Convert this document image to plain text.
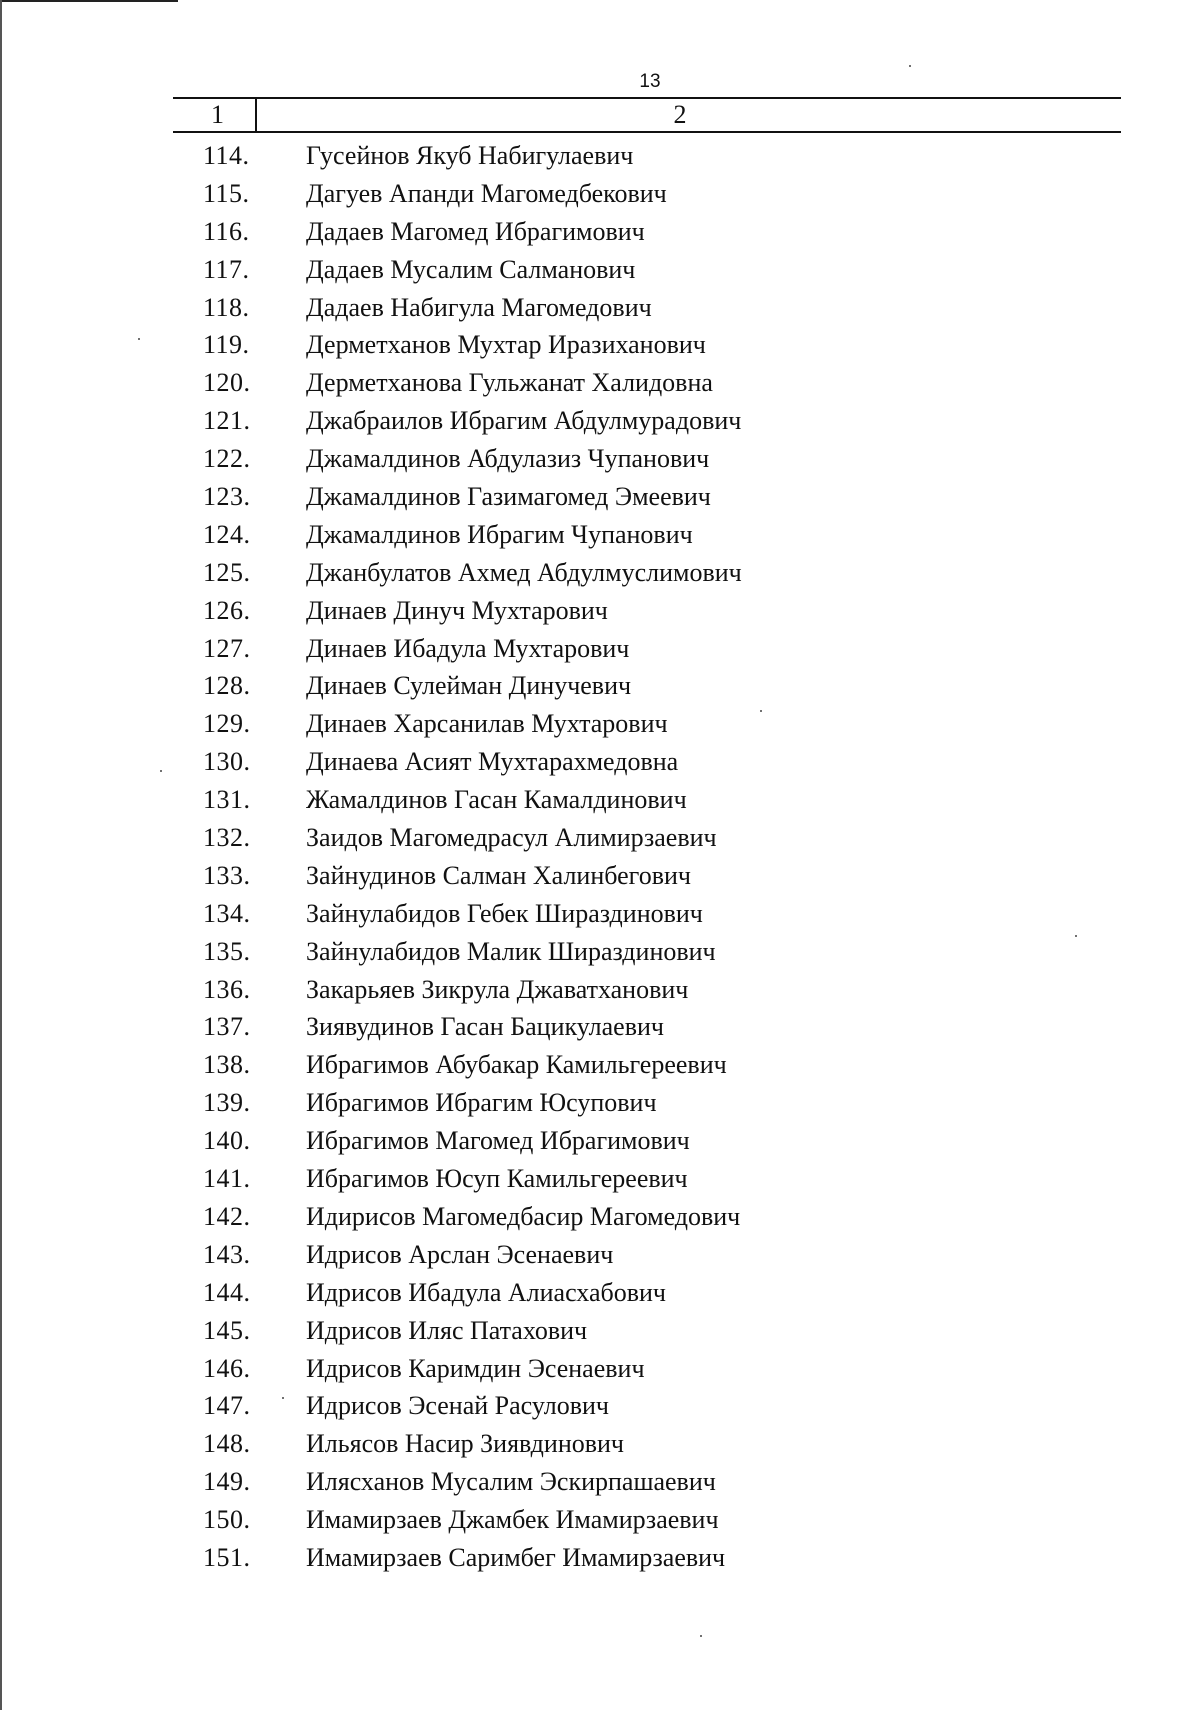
13
1	2
114.	Гусейнов Якуб Набигулаевич
115.	Дагуев Апанди Магомедбекович
116.	Дадаев Магомед Ибрагимович
117.	Дадаев Мусалим Салманович
118.	Дадаев Набигула Магомедович
119.	Дерметханов Мухтар Иразиханович
120.	Дерметханова Гульжанат Халидовна
121.	Джабраилов Ибрагим Абдулмурадович
122.	Джамалдинов Абдулазиз Чупанович
123.	Джамалдинов Газимагомед Эмеевич
124.	Джамалдинов Ибрагим Чупанович
125.	Джанбулатов Ахмед Абдулмуслимович
126.	Динаев Динуч Мухтарович
127.	Динаев Ибадула Мухтарович
128.	Динаев Сулейман Динучевич
129.	Динаев Харсанилав Мухтарович
130.	Динаева Асият Мухтарахмедовна
131.	Жамалдинов Гасан Камалдинович
132.	Заидов Магомедрасул Алимирзаевич
133.	Зайнудинов Салман Халинбегович
134.	Зайнулабидов Гебек Шираздинович
135.	Зайнулабидов Малик Шираздинович
136.	Закарьяев Зикрула Джаватханович
137.	Зиявудинов Гасан Бацикулаевич
138.	Ибрагимов Абубакар Камильгереевич
139.	Ибрагимов Ибрагим Юсупович
140.	Ибрагимов Магомед Ибрагимович
141.	Ибрагимов Юсуп Камильгереевич
142.	Идирисов Магомедбасир Магомедович
143.	Идрисов Арслан Эсенаевич
144.	Идрисов Ибадула Алиасхабович
145.	Идрисов Иляс Патахович
146.	Идрисов Каримдин Эсенаевич
147.	Идрисов Эсенай Расулович
148.	Ильясов Насир Зиявдинович
149.	Илясханов Мусалим Эскирпашаевич
150.	Имамирзаев Джамбек Имамирзаевич
151.	Имамирзаев Саримбег Имамирзаевич
